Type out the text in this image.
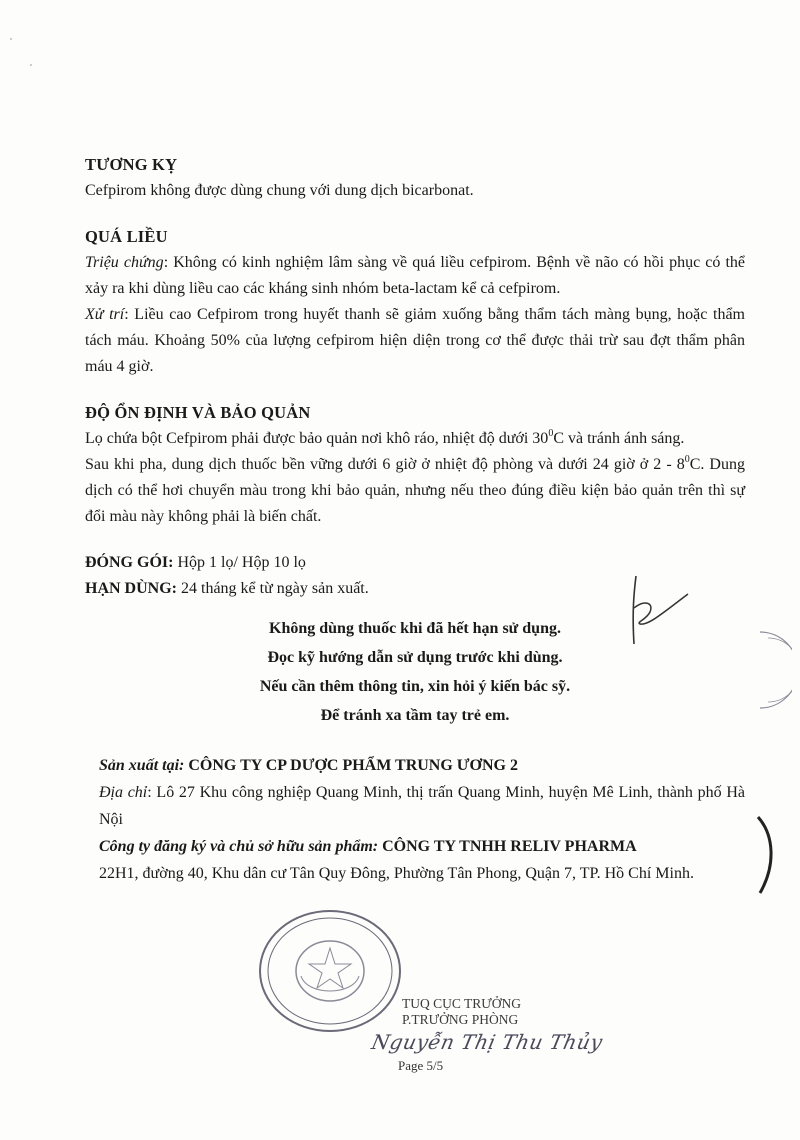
TƯƠNG KỴ

Cefpirom không được dùng chung với dung dịch bicarbonat.

QUÁ LIỀU

Triệu chứng: Không có kinh nghiệm lâm sàng về quá liều cefpirom. Bệnh về não có hồi phục có thể xảy ra khi dùng liều cao các kháng sinh nhóm beta-lactam kể cả cefpirom.

Xử trí: Liều cao Cefpirom trong huyết thanh sẽ giảm xuống bằng thẩm tách màng bụng, hoặc thẩm tách máu. Khoảng 50% của lượng cefpirom hiện diện trong cơ thể được thải trừ sau đợt thẩm phân máu 4 giờ.

ĐỘ ỔN ĐỊNH VÀ BẢO QUẢN

Lọ chứa bột Cefpirom phải được bảo quản nơi khô ráo, nhiệt độ dưới $30^0C$ và tránh ánh sáng.

Sau khi pha, dung dịch thuốc bền vững dưới 6 giờ ở nhiệt độ phòng và dưới 24 giờ ở $2 - 8^0C$. Dung dịch có thể hơi chuyển màu trong khi bảo quản, nhưng nếu theo đúng điều kiện bảo quản trên thì sự đổi màu này không phải là biến chất.

ĐÓNG GÓI: Hộp 1 lọ/ Hộp 10 lọ

HẠN DÙNG: 24 tháng kể từ ngày sản xuất.

Không dùng thuốc khi đã hết hạn sử dụng.

Đọc kỹ hướng dẫn sử dụng trước khi dùng.

Nếu cần thêm thông tin, xin hỏi ý kiến bác sỹ.

Để tránh xa tầm tay trẻ em.

Sản xuất tại: CÔNG TY CP DƯỢC PHẨM TRUNG ƯƠNG 2

Địa chỉ: Lô 27 Khu công nghiệp Quang Minh, thị trấn Quang Minh, huyện Mê Linh, thành phố Hà Nội

Công ty đăng ký và chủ sở hữu sản phẩm: CÔNG TY TNHH RELIV PHARMA

22H1, đường 40, Khu dân cư Tân Quy Đông, Phường Tân Phong, Quận 7, TP. Hồ Chí Minh.

TUQ CỤC TRƯỞNG
P.TRƯỞNG PHÒNG
Nguyễn Thị Thu Thủy
Page 5/5
